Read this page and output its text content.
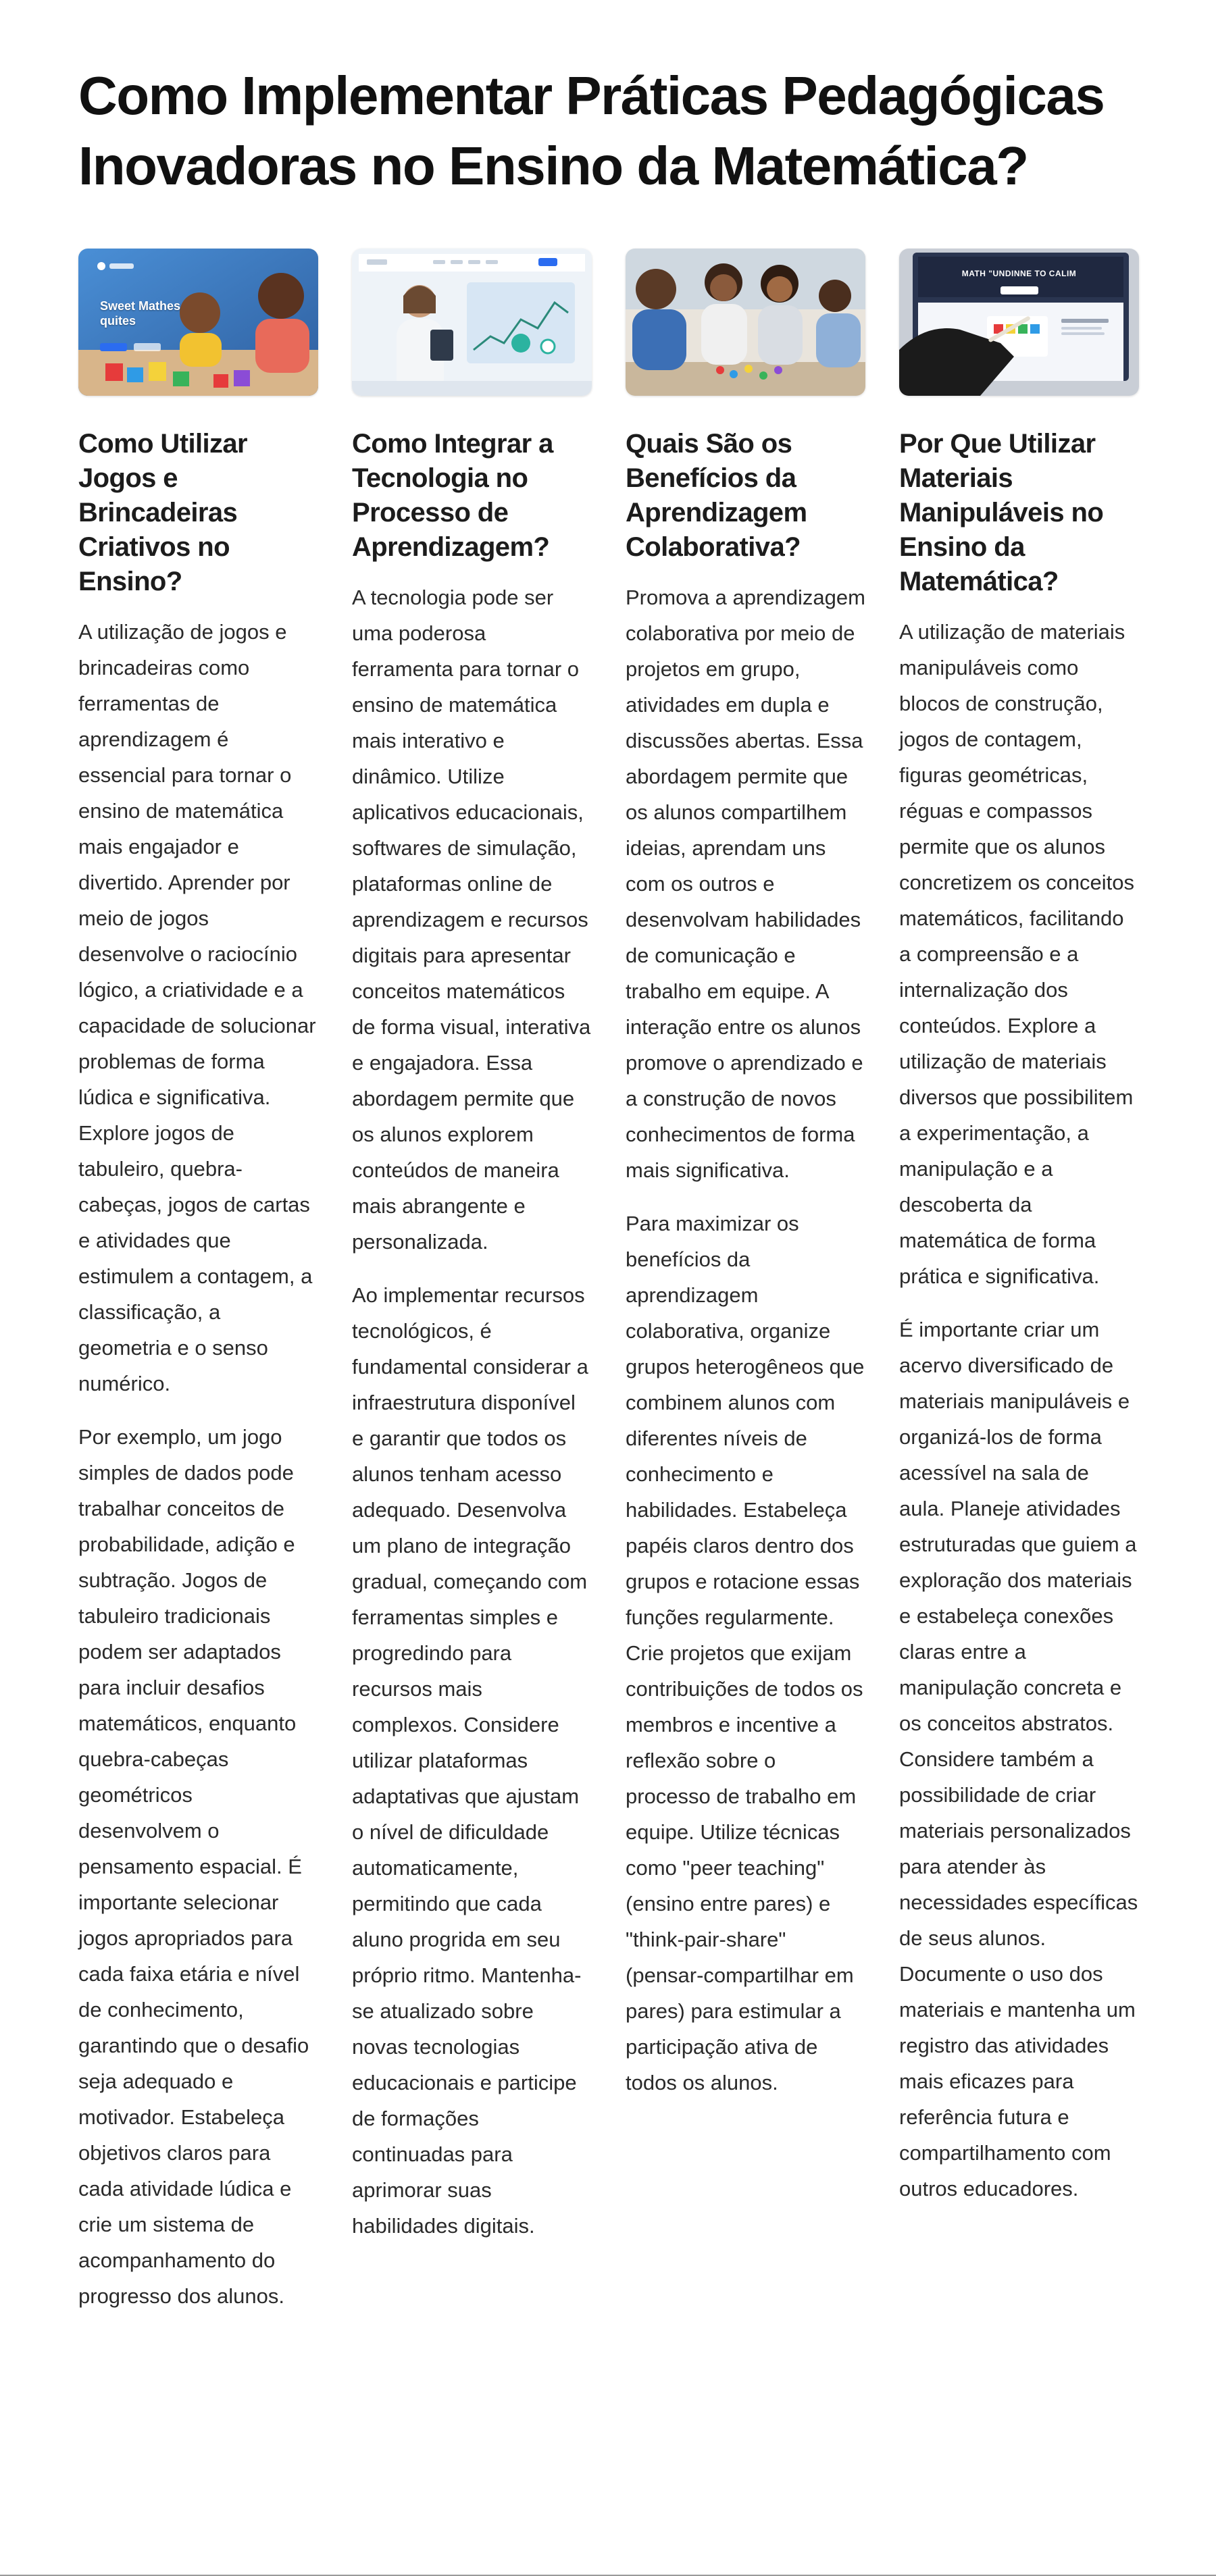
Como Implementar Práticas Pedagógicas Inovadoras no Ensino da Matemática?
Sweet Mathes quites
Como Utilizar Jogos e Brincadeiras Criativos no Ensino?

A utilização de jogos e brincadeiras como ferramentas de aprendizagem é essencial para tornar o ensino de matemática mais engajador e divertido. Aprender por meio de jogos desenvolve o raciocínio lógico, a criatividade e a capacidade de solucionar problemas de forma lúdica e significativa. Explore jogos de tabuleiro, quebra-cabeças, jogos de cartas e atividades que estimulem a contagem, a classificação, a geometria e o senso numérico.

Por exemplo, um jogo simples de dados pode trabalhar conceitos de probabilidade, adição e subtração. Jogos de tabuleiro tradicionais podem ser adaptados para incluir desafios matemáticos, enquanto quebra-cabeças geométricos desenvolvem o pensamento espacial. É importante selecionar jogos apropriados para cada faixa etária e nível de conhecimento, garantindo que o desafio seja adequado e motivador. Estabeleça objetivos claros para cada atividade lúdica e crie um sistema de acompanhamento do progresso dos alunos.

Como Integrar a Tecnologia no Processo de Aprendizagem?

A tecnologia pode ser uma poderosa ferramenta para tornar o ensino de matemática mais interativo e dinâmico. Utilize aplicativos educacionais, softwares de simulação, plataformas online de aprendizagem e recursos digitais para apresentar conceitos matemáticos de forma visual, interativa e engajadora. Essa abordagem permite que os alunos explorem conteúdos de maneira mais abrangente e personalizada.

Ao implementar recursos tecnológicos, é fundamental considerar a infraestrutura disponível e garantir que todos os alunos tenham acesso adequado. Desenvolva um plano de integração gradual, começando com ferramentas simples e progredindo para recursos mais complexos. Considere utilizar plataformas adaptativas que ajustam o nível de dificuldade automaticamente, permitindo que cada aluno progrida em seu próprio ritmo. Mantenha-se atualizado sobre novas tecnologias educacionais e participe de formações continuadas para aprimorar suas habilidades digitais.

Quais São os Benefícios da Aprendizagem Colaborativa?

Promova a aprendizagem colaborativa por meio de projetos em grupo, atividades em dupla e discussões abertas. Essa abordagem permite que os alunos compartilhem ideias, aprendam uns com os outros e desenvolvam habilidades de comunicação e trabalho em equipe. A interação entre os alunos promove o aprendizado e a construção de novos conhecimentos de forma mais significativa.

Para maximizar os benefícios da aprendizagem colaborativa, organize grupos heterogêneos que combinem alunos com diferentes níveis de conhecimento e habilidades. Estabeleça papéis claros dentro dos grupos e rotacione essas funções regularmente. Crie projetos que exijam contribuições de todos os membros e incentive a reflexão sobre o processo de trabalho em equipe. Utilize técnicas como "peer teaching" (ensino entre pares) e "think-pair-share" (pensar-compartilhar em pares) para estimular a participação ativa de todos os alunos.

MATH "UNDINNE TO CALIM
Por Que Utilizar Materiais Manipuláveis no Ensino da Matemática?

A utilização de materiais manipuláveis como blocos de construção, jogos de contagem, figuras geométricas, réguas e compassos permite que os alunos concretizem os conceitos matemáticos, facilitando a compreensão e a internalização dos conteúdos. Explore a utilização de materiais diversos que possibilitem a experimentação, a manipulação e a descoberta da matemática de forma prática e significativa.

É importante criar um acervo diversificado de materiais manipuláveis e organizá-los de forma acessível na sala de aula. Planeje atividades estruturadas que guiem a exploração dos materiais e estabeleça conexões claras entre a manipulação concreta e os conceitos abstratos. Considere também a possibilidade de criar materiais personalizados para atender às necessidades específicas de seus alunos. Documente o uso dos materiais e mantenha um registro das atividades mais eficazes para referência futura e compartilhamento com outros educadores.
